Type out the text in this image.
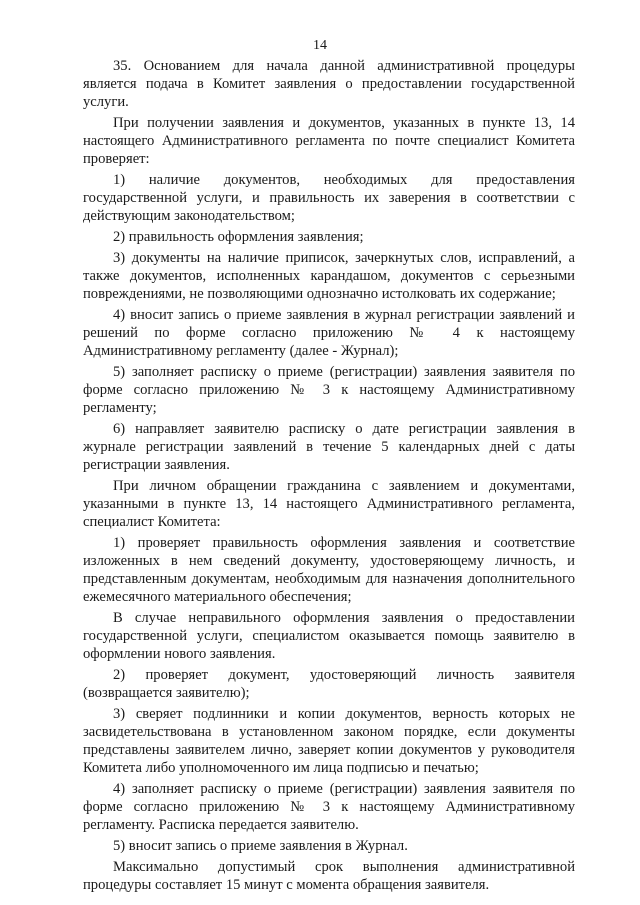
14

35. Основанием для начала данной административной процедуры является подача в Комитет заявления о предоставлении государственной услуги.

При получении заявления и документов, указанных в пункте 13, 14 настоящего Административного регламента по почте специалист Комитета проверяет:

1) наличие документов, необходимых для предоставления государственной услуги, и правильность их заверения в соответствии с действующим законодательством;

2) правильность оформления заявления;

3) документы на наличие приписок, зачеркнутых слов, исправлений, а также документов, исполненных карандашом, документов с серьезными повреждениями, не позволяющими однозначно истолковать их содержание;

4) вносит запись о приеме заявления в журнал регистрации заявлений и решений по форме согласно приложению № 4 к настоящему Административному регламенту (далее - Журнал);

5) заполняет расписку о приеме (регистрации) заявления заявителя по форме согласно приложению № 3 к настоящему Административному регламенту;

6) направляет заявителю расписку о дате регистрации заявления в журнале регистрации заявлений в течение 5 календарных дней с даты регистрации заявления.

При личном обращении гражданина с заявлением и документами, указанными в пункте 13, 14 настоящего Административного регламента, специалист Комитета:

1) проверяет правильность оформления заявления и соответствие изложенных в нем сведений документу, удостоверяющему личность, и представленным документам, необходимым для назначения дополнительного ежемесячного материального обеспечения;

В случае неправильного оформления заявления о предоставлении государственной услуги, специалистом оказывается помощь заявителю в оформлении нового заявления.

2) проверяет документ, удостоверяющий личность заявителя (возвращается заявителю);

3) сверяет подлинники и копии документов, верность которых не засвидетельствована в установленном законом порядке, если документы представлены заявителем лично, заверяет копии документов у руководителя Комитета либо уполномоченного им лица подписью и печатью;

4) заполняет расписку о приеме (регистрации) заявления заявителя по форме согласно приложению № 3 к настоящему Административному регламенту. Расписка передается заявителю.

5) вносит запись о приеме заявления в Журнал.

Максимально допустимый срок выполнения административной процедуры составляет 15 минут с момента обращения заявителя.
